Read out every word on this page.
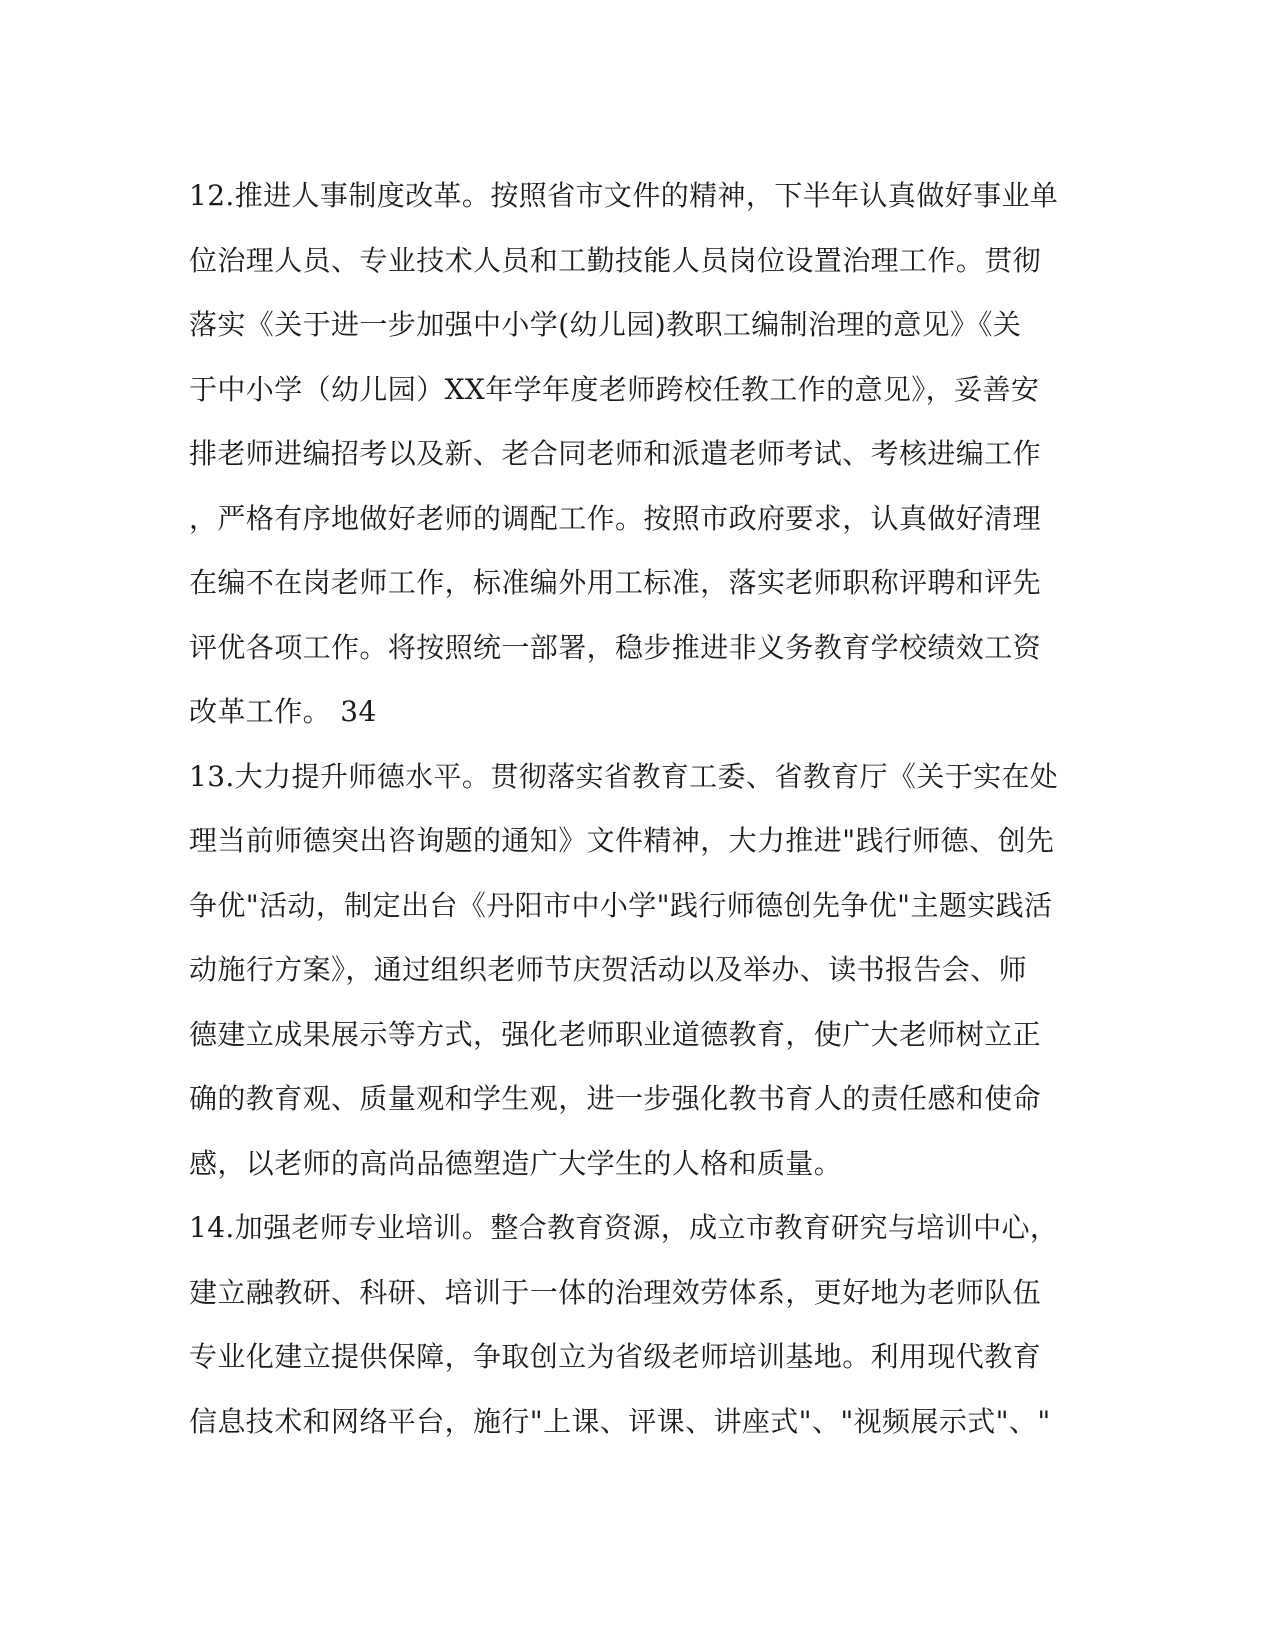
12.推进人事制度改革。按照省市文件的精神，下半年认真做好事业单
位治理人员、专业技术人员和工勤技能人员岗位设置治理工作。贯彻
落实《关于进一步加强中小学(幼儿园)教职工编制治理的意见》《关
于中小学（幼儿园）XX年学年度老师跨校任教工作的意见》，妥善安
排老师进编招考以及新、老合同老师和派遣老师考试、考核进编工作
，严格有序地做好老师的调配工作。按照市政府要求，认真做好清理
在编不在岗老师工作，标准编外用工标准，落实老师职称评聘和评先
评优各项工作。将按照统一部署，稳步推进非义务教育学校绩效工资
改革工作。 34
13.大力提升师德水平。贯彻落实省教育工委、省教育厅《关于实在处
理当前师德突出咨询题的通知》文件精神，大力推进"践行师德、创先
争优"活动，制定出台《丹阳市中小学"践行师德创先争优"主题实践活
动施行方案》，通过组织老师节庆贺活动以及举办、读书报告会、师
德建立成果展示等方式，强化老师职业道德教育，使广大老师树立正
确的教育观、质量观和学生观，进一步强化教书育人的责任感和使命
感，以老师的高尚品德塑造广大学生的人格和质量。
14.加强老师专业培训。整合教育资源，成立市教育研究与培训中心，
建立融教研、科研、培训于一体的治理效劳体系，更好地为老师队伍
专业化建立提供保障，争取创立为省级老师培训基地。利用现代教育
信息技术和网络平台，施行"上课、评课、讲座式"、"视频展示式"、"
